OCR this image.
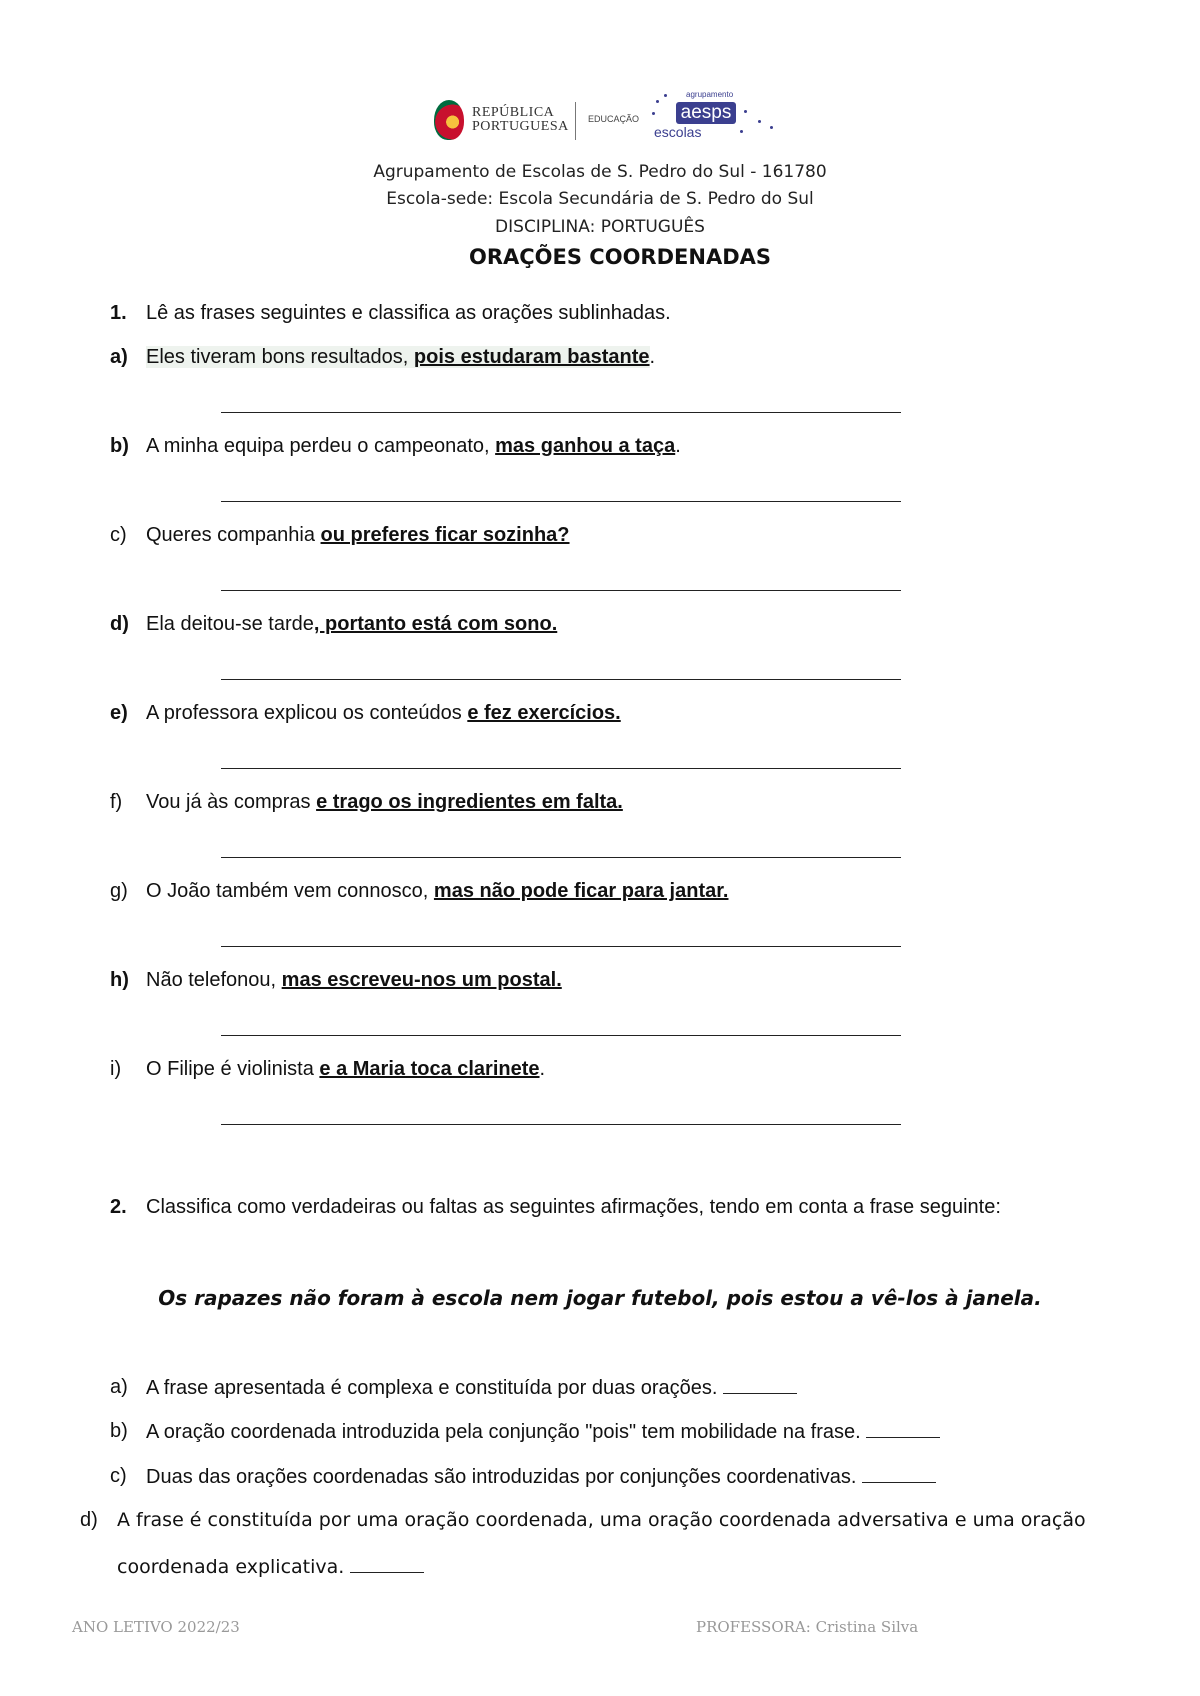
REPÚBLICA
PORTUGUESA EDUCAÇÃO
agrupamento
aesps
escolas
Agrupamento de Escolas de S. Pedro do Sul - 161780
Escola-sede: Escola Secundária de S. Pedro do Sul
DISCIPLINA: PORTUGUÊS
ORAÇÕES COORDENADAS
1. Lê as frases seguintes e classifica as orações sublinhadas.
a) Eles tiveram bons resultados, pois estudaram bastante.
b) A minha equipa perdeu o campeonato, mas ganhou a taça.
c) Queres companhia ou preferes ficar sozinha?
d) Ela deitou-se tarde, portanto está com sono.
e) A professora explicou os conteúdos e fez exercícios.
f) Vou já às compras e trago os ingredientes em falta.
g) O João também vem connosco, mas não pode ficar para jantar.
h) Não telefonou, mas escreveu-nos um postal.
i) O Filipe é violinista e a Maria toca clarinete.
2. Classifica como verdadeiras ou faltas as seguintes afirmações, tendo em conta a frase seguinte:
Os rapazes não foram à escola nem jogar futebol, pois estou a vê-los à janela.
a) A frase apresentada é complexa e constituída por duas orações.
b) A oração coordenada introduzida pela conjunção "pois" tem mobilidade na frase.
c) Duas das orações coordenadas são introduzidas por conjunções coordenativas.
d) A frase é constituída por uma oração coordenada, uma oração coordenada adversativa e uma oração
coordenada explicativa.
ANO LETIVO 2022/23	PROFESSORA: Cristina Silva
